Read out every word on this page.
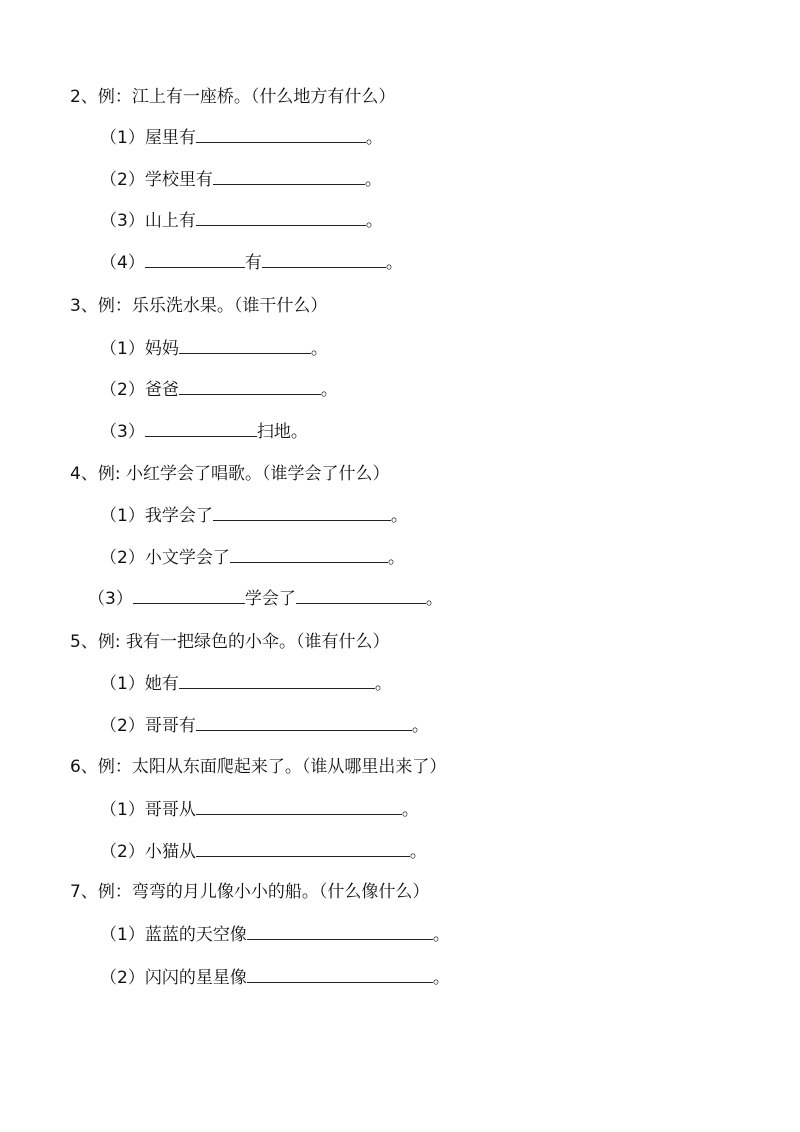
2、例：江上有一座桥。（什么地方有什么）
（1）屋里有	。
（2）学校里有	。
（3）山上有	。
（4）	有	。
3、例：乐乐洗水果。（谁干什么）
（1）妈妈	。
（2）爸爸	。
（3）	扫地。
4、例: 小红学会了唱歌。（谁学会了什么）
（1）我学会了	。
（2）小文学会了	。
（3）	学会了	。
5、例: 我有一把绿色的小伞。（谁有什么）
（1）她有	。
（2）哥哥有	。
6、例：太阳从东面爬起来了。（谁从哪里出来了）
（1）哥哥从	。
（2）小猫从	。
7、例：弯弯的月儿像小小的船。（什么像什么）
（1）蓝蓝的天空像	。
（2）闪闪的星星像	。
